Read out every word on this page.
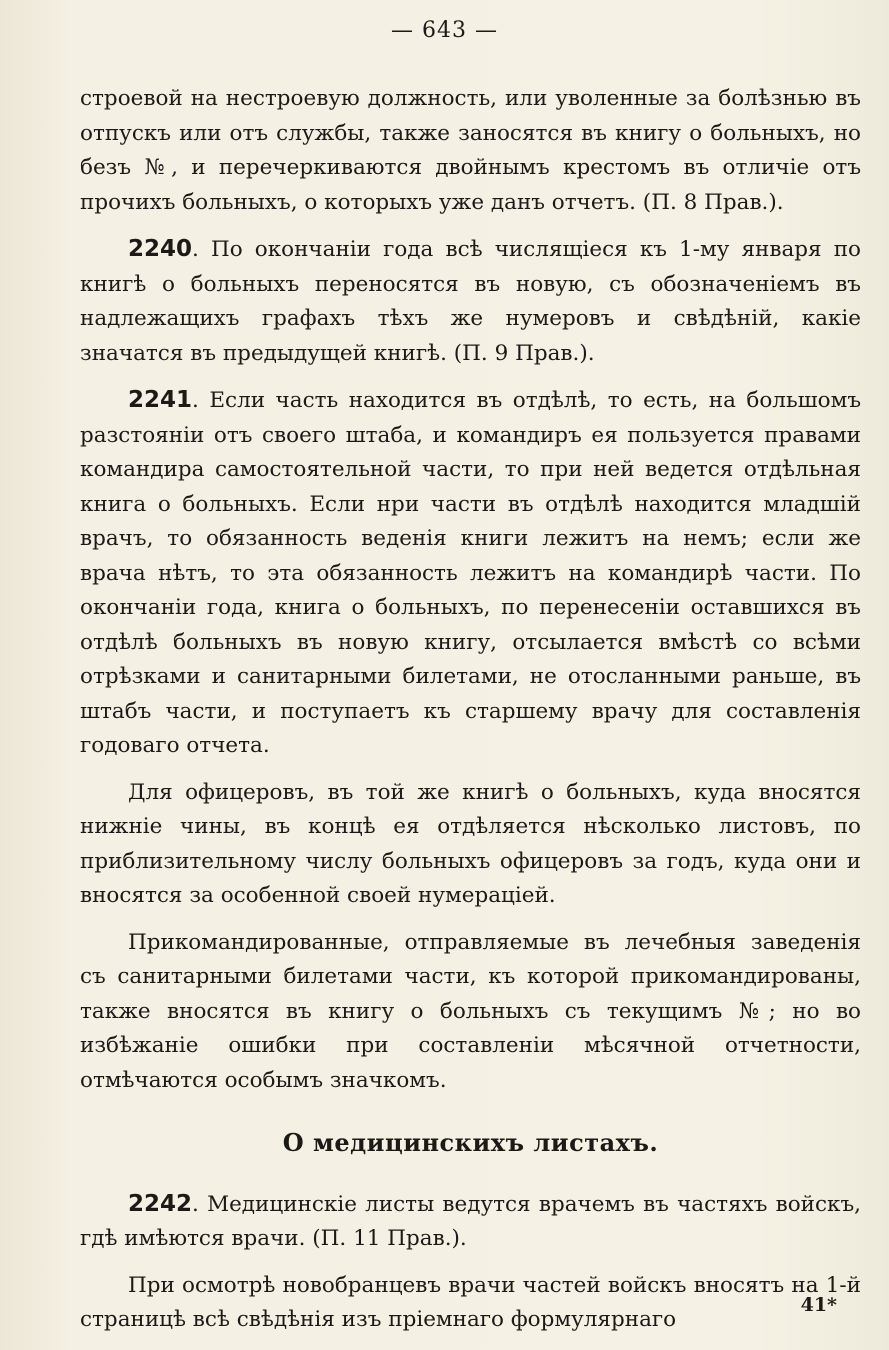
— 643 —

строевой на нестроевую должность, или уволенные за болѣзнью въ отпускъ или отъ службы, также заносятся въ книгу о больныхъ, но безъ №, и перечеркиваются двойнымъ крестомъ въ отличіе отъ прочихъ больныхъ, о которыхъ уже данъ отчетъ. (П. 8 Прав.).

2240. По окончаніи года всѣ числящіеся къ 1-му января по книгѣ о больныхъ переносятся въ новую, съ обозначеніемъ въ надлежащихъ графахъ тѣхъ же нумеровъ и свѣдѣній, какіе значатся въ предыдущей книгѣ. (П. 9 Прав.).

2241. Если часть находится въ отдѣлѣ, то есть, на большомъ разстояніи отъ своего штаба, и командиръ ея пользуется правами командира самостоятельной части, то при ней ведется отдѣльная книга о больныхъ. Если нри части въ отдѣлѣ находится младшій врачъ, то обязанность веденія книги лежитъ на немъ; если же врача нѣтъ, то эта обязанность лежитъ на командирѣ части. По окончаніи года, книга о больныхъ, по перенесеніи оставшихся въ отдѣлѣ больныхъ въ новую книгу, отсылается вмѣстѣ со всѣми отрѣзками и санитарными билетами, не отосланными раньше, въ штабъ части, и поступаетъ къ старшему врачу для составленія годоваго отчета.

Для офицеровъ, въ той же книгѣ о больныхъ, куда вносятся нижніе чины, въ концѣ ея отдѣляется нѣсколько листовъ, по приблизительному числу больныхъ офицеровъ за годъ, куда они и вносятся за особенной своей нумераціей.

Прикомандированные, отправляемые въ лечебныя заведенія съ санитарными билетами части, къ которой прикомандированы, также вносятся въ книгу о больныхъ съ текущимъ №; но во избѣжаніе ошибки при составленіи мѣсячной отчетности, отмѣчаются особымъ значкомъ.

О медицинскихъ листахъ.

2242. Медицинскіе листы ведутся врачемъ въ частяхъ войскъ, гдѣ имѣются врачи. (П. 11 Прав.).

При осмотрѣ новобранцевъ врачи частей войскъ вносятъ на 1-й страницѣ всѣ свѣдѣнія изъ пріемнаго формулярнаго

41*
